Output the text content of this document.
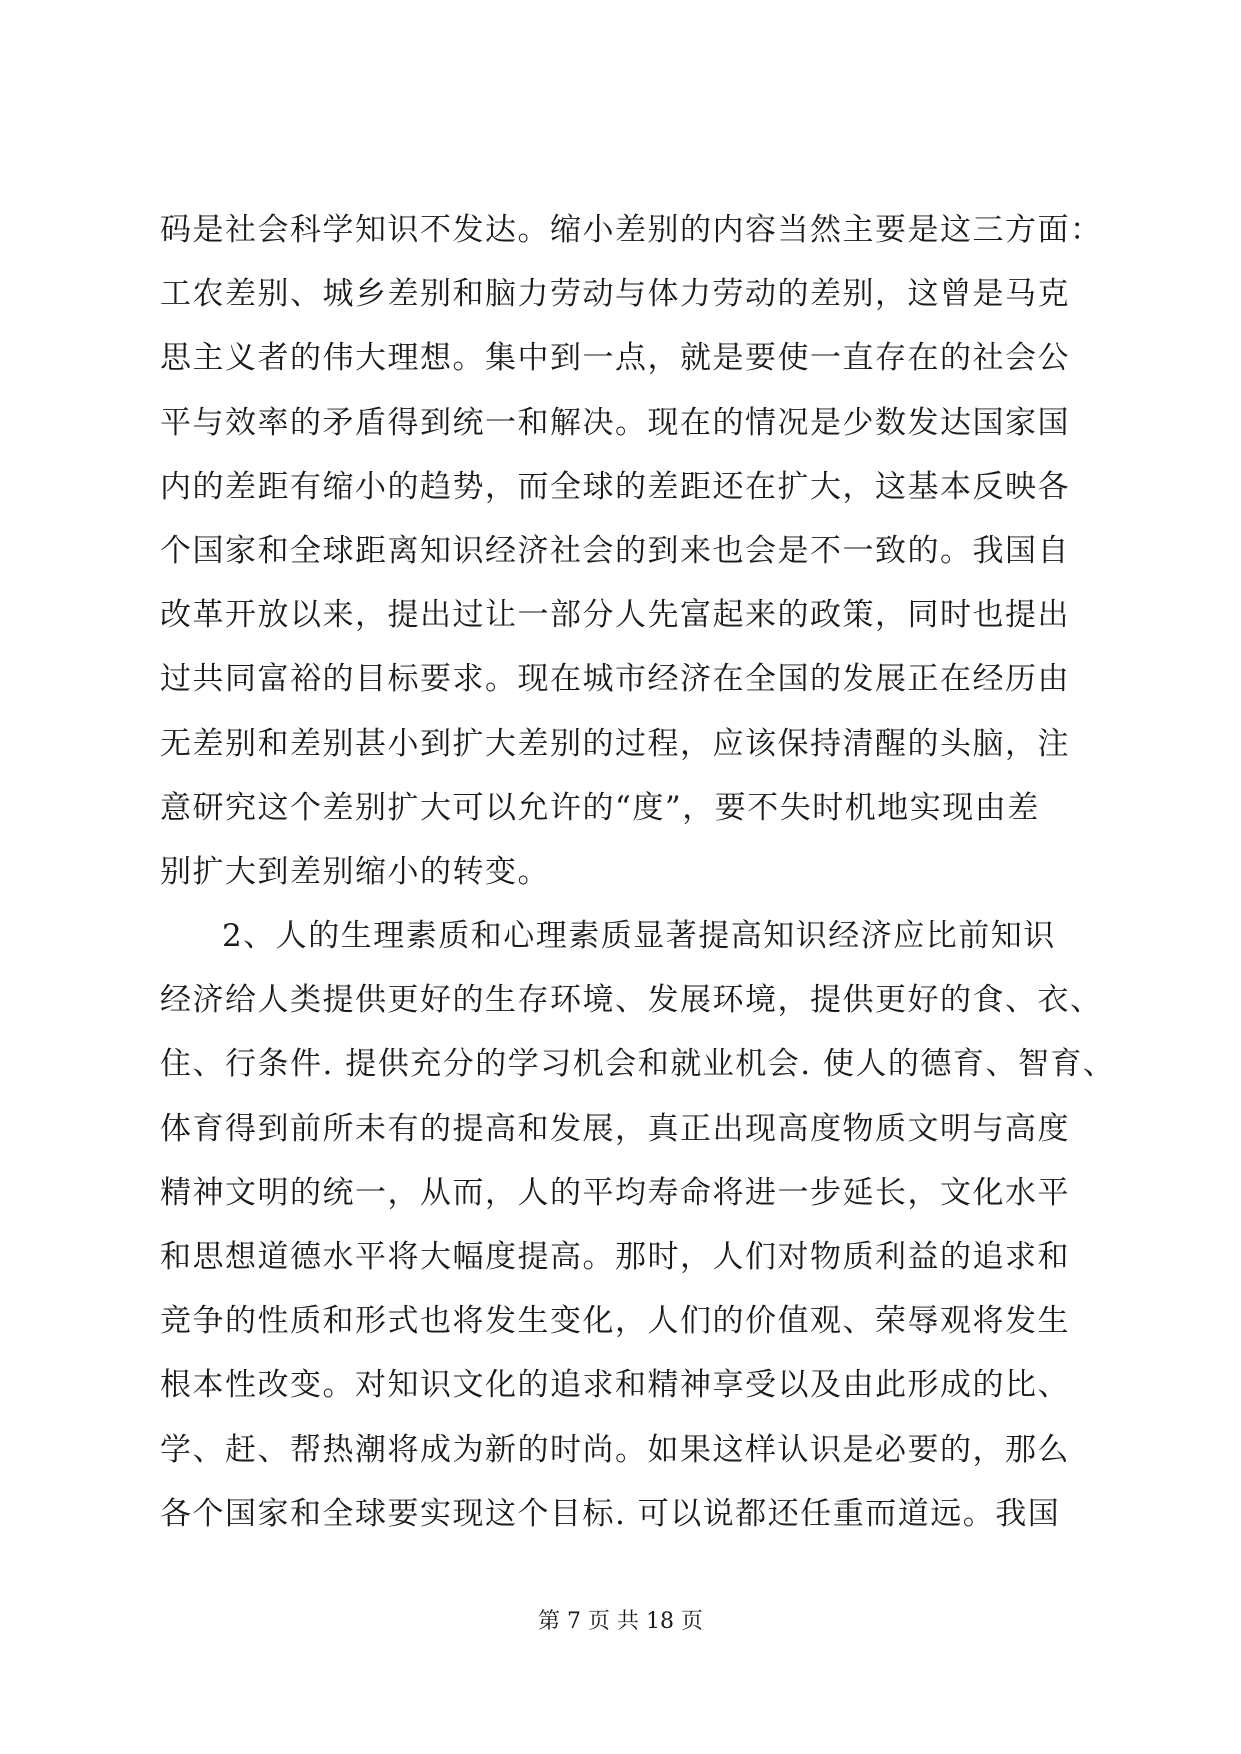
码是社会科学知识不发达。缩小差别的内容当然主要是这三方面：
工农差别、城乡差别和脑力劳动与体力劳动的差别，这曾是马克
思主义者的伟大理想。集中到一点，就是要使一直存在的社会公
平与效率的矛盾得到统一和解决。现在的情况是少数发达国家国
内的差距有缩小的趋势，而全球的差距还在扩大，这基本反映各
个国家和全球距离知识经济社会的到来也会是不一致的。我国自
改革开放以来，提出过让一部分人先富起来的政策，同时也提出
过共同富裕的目标要求。现在城市经济在全国的发展正在经历由
无差别和差别甚小到扩大差别的过程，应该保持清醒的头脑，注
意研究这个差别扩大可以允许的“度”，要不失时机地实现由差
别扩大到差别缩小的转变。
2、人的生理素质和心理素质显著提高知识经济应比前知识
经济给人类提供更好的生存环境、发展环境，提供更好的食、衣、
住、行条件. 提供充分的学习机会和就业机会. 使人的德育、智育、
体育得到前所未有的提高和发展，真正出现高度物质文明与高度
精神文明的统一，从而，人的平均寿命将进一步延长，文化水平
和思想道德水平将大幅度提高。那时，人们对物质利益的追求和
竞争的性质和形式也将发生变化，人们的价值观、荣辱观将发生
根本性改变。对知识文化的追求和精神享受以及由此形成的比、
学、赶、帮热潮将成为新的时尚。如果这样认识是必要的，那么
各个国家和全球要实现这个目标. 可以说都还任重而道远。我国
第 7 页 共 18 页
